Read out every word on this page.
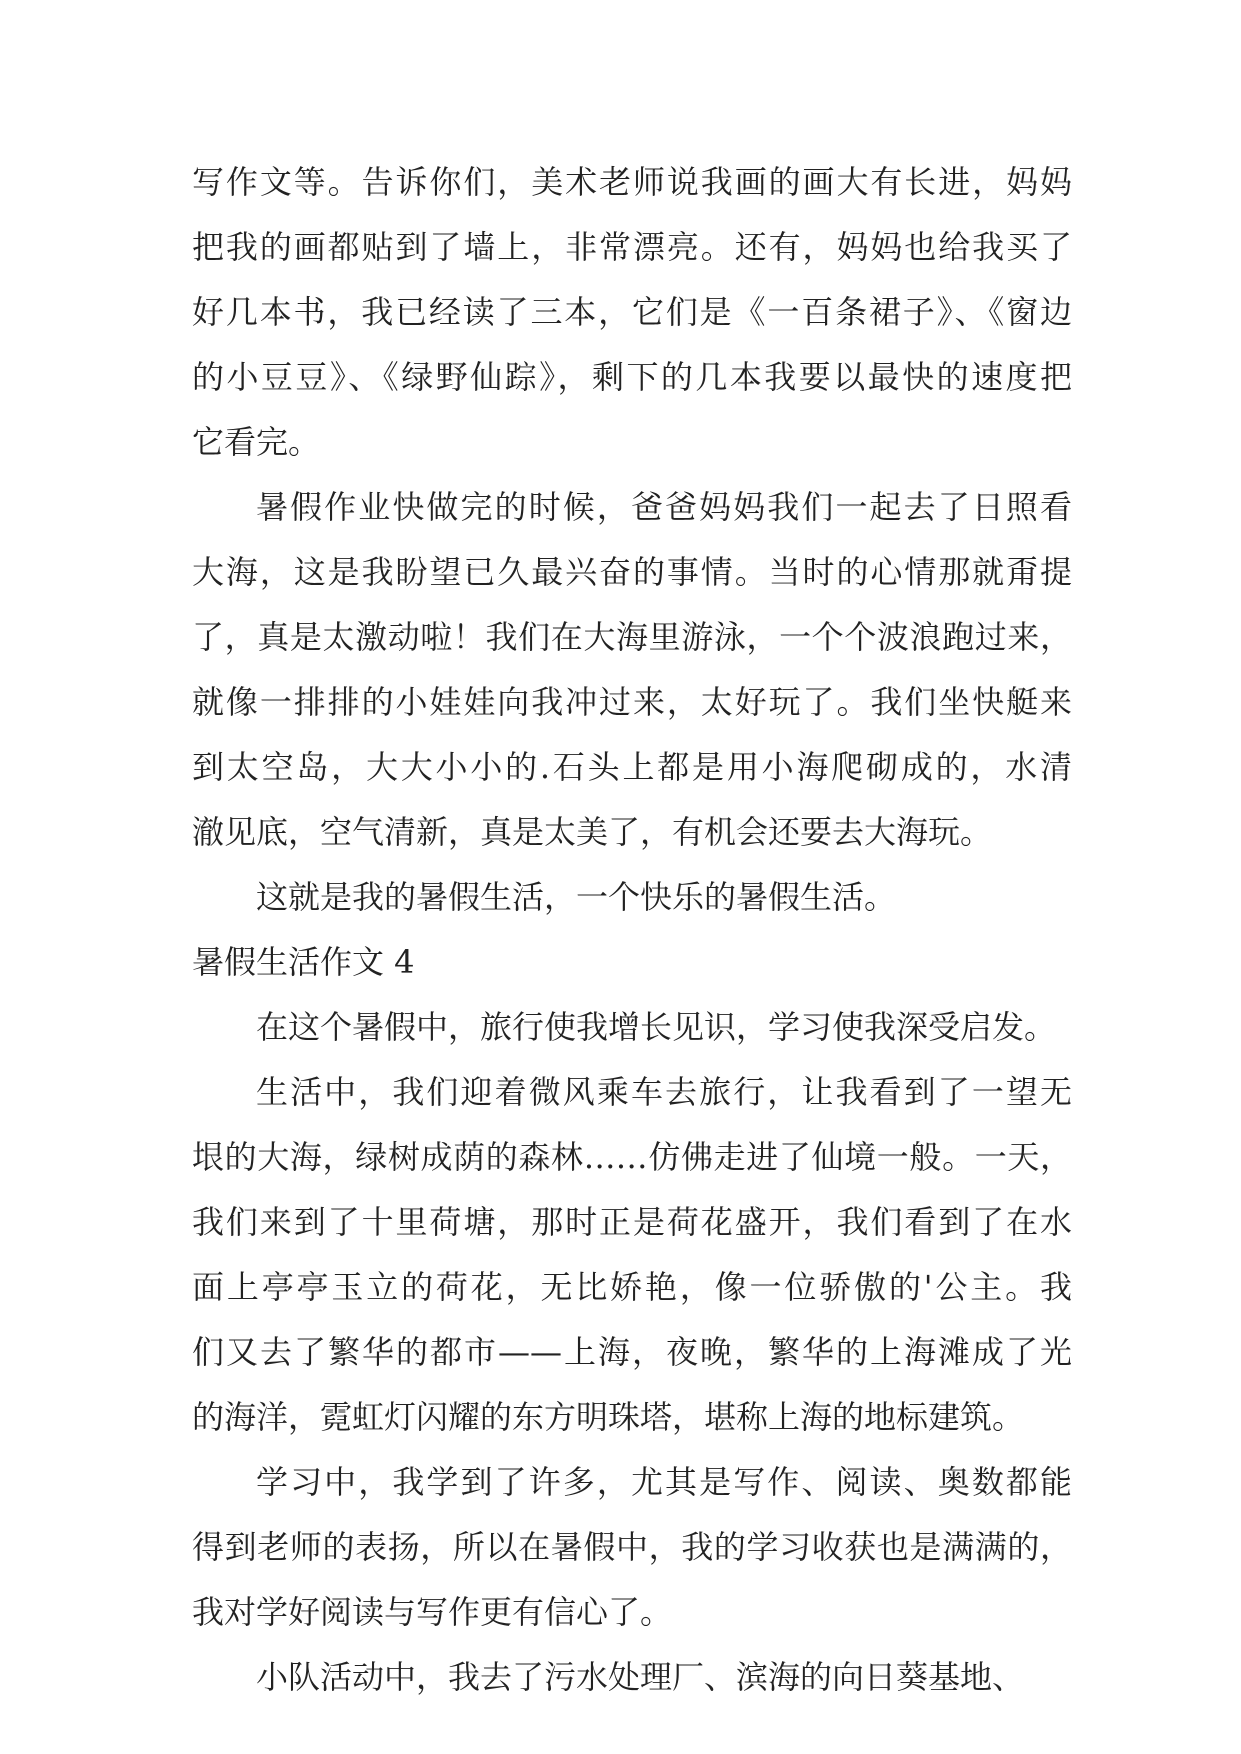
写作文等。告诉你们，美术老师说我画的画大有长进，妈妈
把我的画都贴到了墙上，非常漂亮。还有，妈妈也给我买了
好几本书，我已经读了三本，它们是《一百条裙子》、《窗边
的小豆豆》、《绿野仙踪》，剩下的几本我要以最快的速度把
它看完。
暑假作业快做完的时候，爸爸妈妈我们一起去了日照看
大海，这是我盼望已久最兴奋的事情。当时的心情那就甭提
了，真是太激动啦！我们在大海里游泳，一个个波浪跑过来，
就像一排排的小娃娃向我冲过来，太好玩了。我们坐快艇来
到太空岛，大大小小的.石头上都是用小海爬砌成的，水清
澈见底，空气清新，真是太美了，有机会还要去大海玩。
这就是我的暑假生活，一个快乐的暑假生活。
暑假生活作文 4
在这个暑假中，旅行使我增长见识，学习使我深受启发。
生活中，我们迎着微风乘车去旅行，让我看到了一望无
垠的大海，绿树成荫的森林……仿佛走进了仙境一般。一天，
我们来到了十里荷塘，那时正是荷花盛开，我们看到了在水
面上亭亭玉立的荷花，无比娇艳，像一位骄傲的'公主。我
们又去了繁华的都市——上海，夜晚，繁华的上海滩成了光
的海洋，霓虹灯闪耀的东方明珠塔，堪称上海的地标建筑。
学习中，我学到了许多，尤其是写作、阅读、奥数都能
得到老师的表扬，所以在暑假中，我的学习收获也是满满的，
我对学好阅读与写作更有信心了。
小队活动中，我去了污水处理厂、滨海的向日葵基地、
